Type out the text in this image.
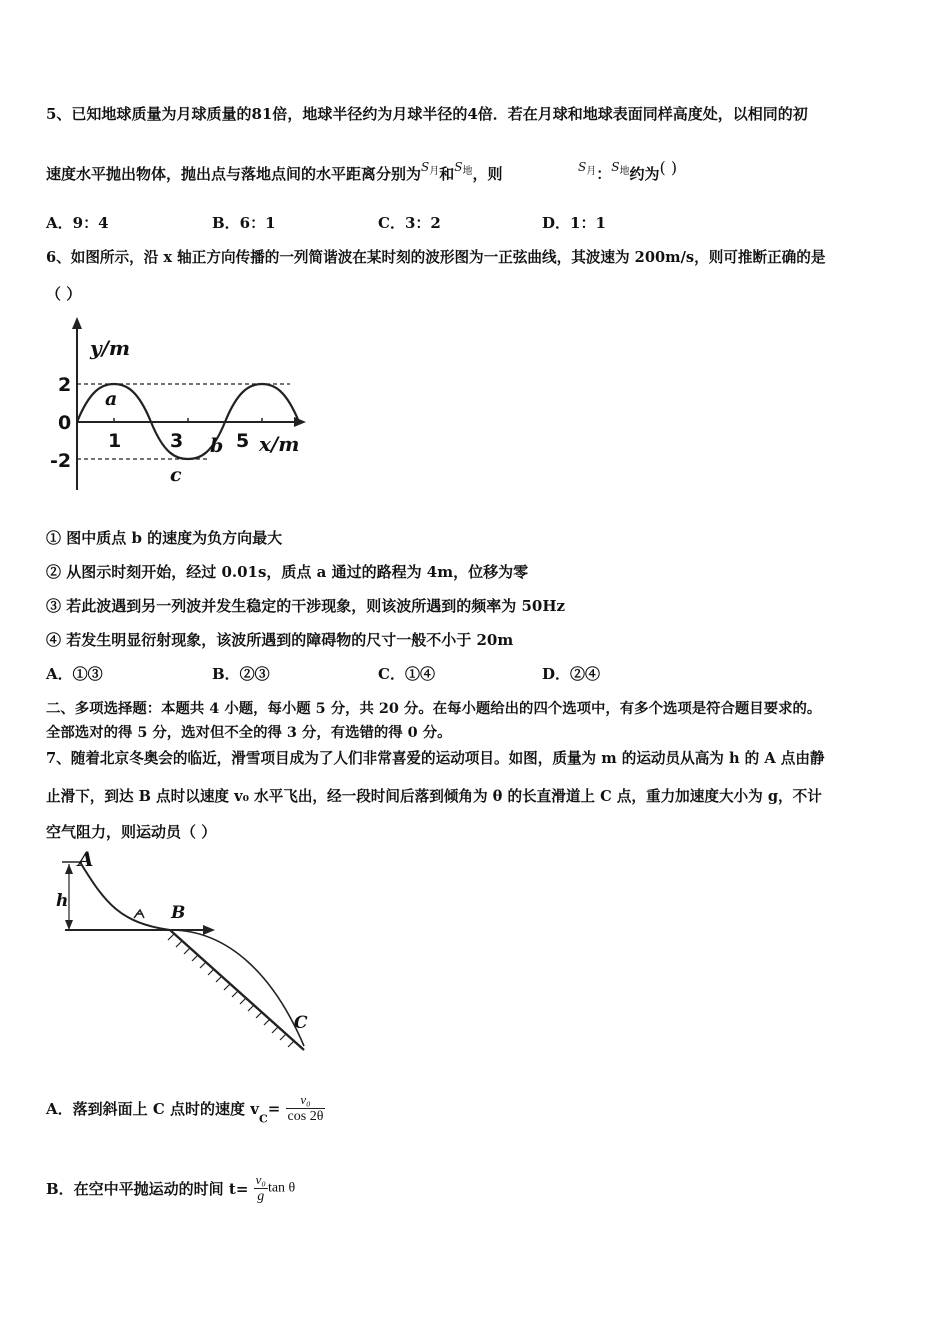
5、已知地球质量为月球质量的81倍，地球半径约为月球半径的4倍．若在月球和地球表面同样高度处，以相同的初
速度水平抛出物体，抛出点与落地点间的水平距离分别为$^{S月}$和$^{S地}$，则	$^{S月}$：$^{S地}$约为( )
A．9：4	B．6：1	C．3：2	D．1：1
6、如图所示，沿 x 轴正方向传播的一列简谐波在某时刻的波形图为一正弦曲线，其波速为 200m/s，则可推断正确的是
（ ）
y/m
x/m
2
0
-2
1	3	5
a
b
c
① 图中质点 b 的速度为负方向最大
② 从图示时刻开始，经过 0.01s，质点 a 通过的路程为 4m，位移为零
③ 若此波遇到另一列波并发生稳定的干涉现象，则该波所遇到的频率为 50Hz
④ 若发生明显衍射现象，该波所遇到的障碍物的尺寸一般不小于 20m
A．①③	B．②③	C．①④	D．②④
二、多项选择题：本题共 4 小题，每小题 5 分，共 20 分。在每小题给出的四个选项中，有多个选项是符合题目要求的。
全部选对的得 5 分，选对但不全的得 3 分，有选错的得 0 分。
7、随着北京冬奥会的临近，滑雪项目成为了人们非常喜爱的运动项目。如图，质量为 m 的运动员从高为 h 的 A 点由静
止滑下，到达 B 点时以速度 v₀ 水平飞出，经一段时间后落到倾角为 θ 的长直滑道上 C 点，重力加速度大小为 g，不计
空气阻力，则运动员（ ）
A
h
B
C
A．落到斜面上 C 点时的速度 $v_C= \frac{\text{v₀}}{\cos 2\theta}$
B．在空中平抛运动的时间 $t= \frac{\text{v₀}}{g}$ tan θ
